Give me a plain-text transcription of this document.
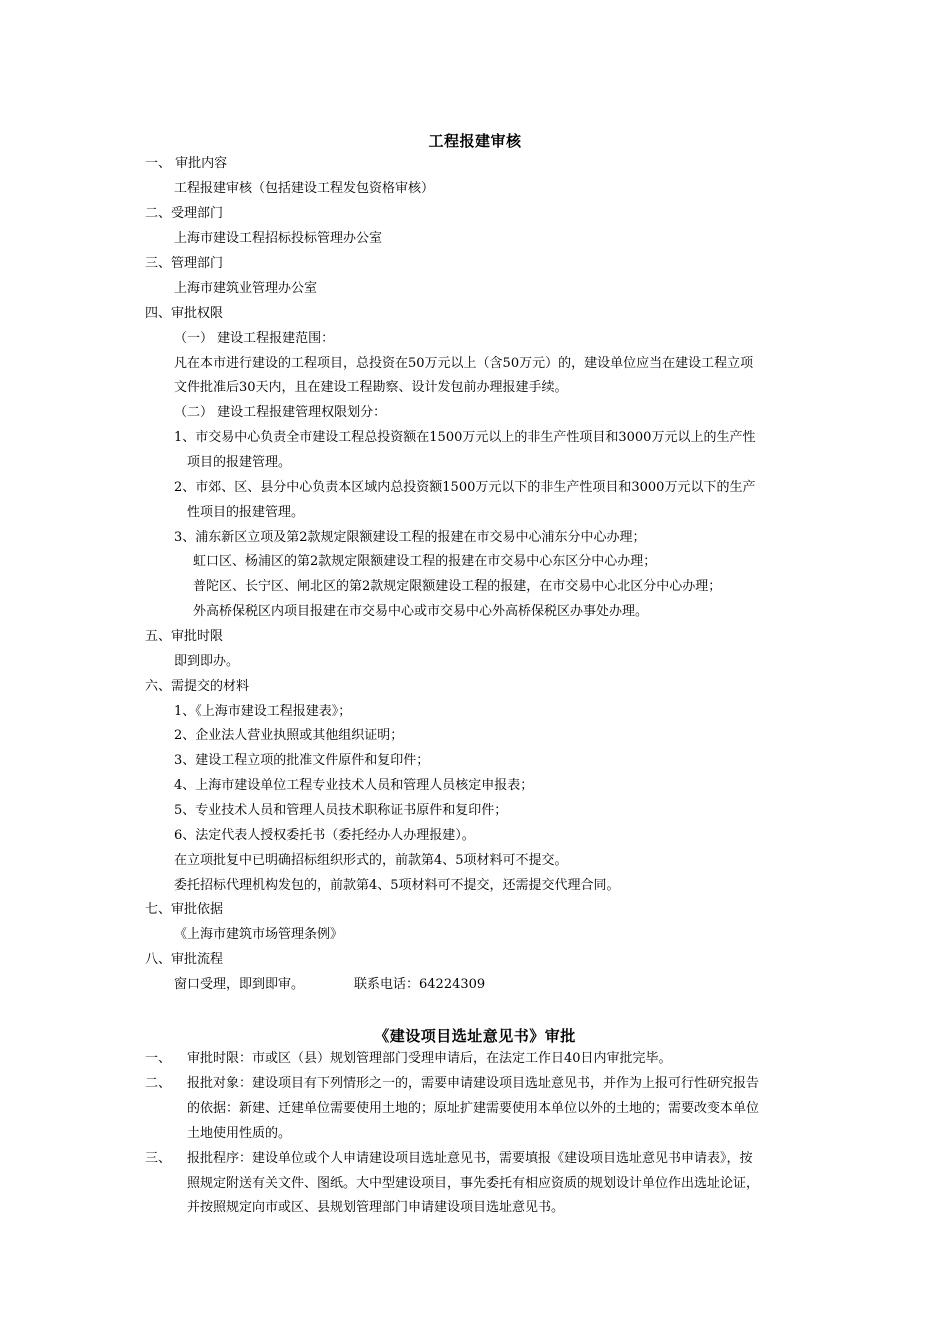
工程报建审核
一、 审批内容
工程报建审核（包括建设工程发包资格审核）
二、受理部门
上海市建设工程招标投标管理办公室
三、管理部门
上海市建筑业管理办公室
四、审批权限
（一） 建设工程报建范围：
凡在本市进行建设的工程项目，总投资在50万元以上（含50万元）的，建设单位应当在建设工程立项
文件批准后30天内，且在建设工程勘察、设计发包前办理报建手续。
（二） 建设工程报建管理权限划分：
1、市交易中心负责全市建设工程总投资额在1500万元以上的非生产性项目和3000万元以上的生产性
项目的报建管理。
2、市郊、区、县分中心负责本区域内总投资额1500万元以下的非生产性项目和3000万元以下的生产
性项目的报建管理。
3、浦东新区立项及第2款规定限额建设工程的报建在市交易中心浦东分中心办理；
虹口区、杨浦区的第2款规定限额建设工程的报建在市交易中心东区分中心办理；
普陀区、长宁区、闸北区的第2款规定限额建设工程的报建，在市交易中心北区分中心办理；
外高桥保税区内项目报建在市交易中心或市交易中心外高桥保税区办事处办理。
五、审批时限
即到即办。
六、需提交的材料
1、《上海市建设工程报建表》；
2、企业法人营业执照或其他组织证明；
3、建设工程立项的批准文件原件和复印件；
4、上海市建设单位工程专业技术人员和管理人员核定申报表；
5、专业技术人员和管理人员技术职称证书原件和复印件；
6、法定代表人授权委托书（委托经办人办理报建）。
在立项批复中已明确招标组织形式的，前款第4、5项材料可不提交。
委托招标代理机构发包的，前款第4、5项材料可不提交，还需提交代理合同。
七、审批依据
《上海市建筑市场管理条例》
八、审批流程
窗口受理，即到即审。	联系电话：64224309
《建设项目选址意见书》审批
一、 审批时限：市或区（县）规划管理部门受理申请后，在法定工作日40日内审批完毕。
二、 报批对象：建设项目有下列情形之一的，需要申请建设项目选址意见书，并作为上报可行性研究报告
的依据：新建、迁建单位需要使用土地的；原址扩建需要使用本单位以外的土地的；需要改变本单位
土地使用性质的。
三、 报批程序：建设单位或个人申请建设项目选址意见书，需要填报《建设项目选址意见书申请表》，按
照规定附送有关文件、图纸。大中型建设项目，事先委托有相应资质的规划设计单位作出选址论证，
并按照规定向市或区、县规划管理部门申请建设项目选址意见书。
